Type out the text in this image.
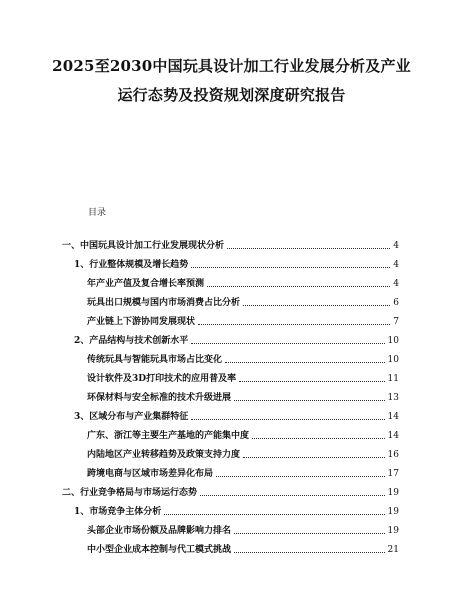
2025至2030中国玩具设计加工行业发展分析及产业
运行态势及投资规划深度研究报告
目录
一、中国玩具设计加工行业发展现状分析	4
1、行业整体规模及增长趋势	4
年产业产值及复合增长率预测	4
玩具出口规模与国内市场消费占比分析	6
产业链上下游协同发展现状	7
2、产品结构与技术创新水平	10
传统玩具与智能玩具市场占比变化	10
设计软件及3D打印技术的应用普及率	11
环保材料与安全标准的技术升级进展	13
3、区域分布与产业集群特征	14
广东、浙江等主要生产基地的产能集中度	14
内陆地区产业转移趋势及政策支持力度	16
跨境电商与区域市场差异化布局	17
二、行业竞争格局与市场运行态势	19
1、市场竞争主体分析	19
头部企业市场份额及品牌影响力排名	19
中小型企业成本控制与代工模式挑战	21
